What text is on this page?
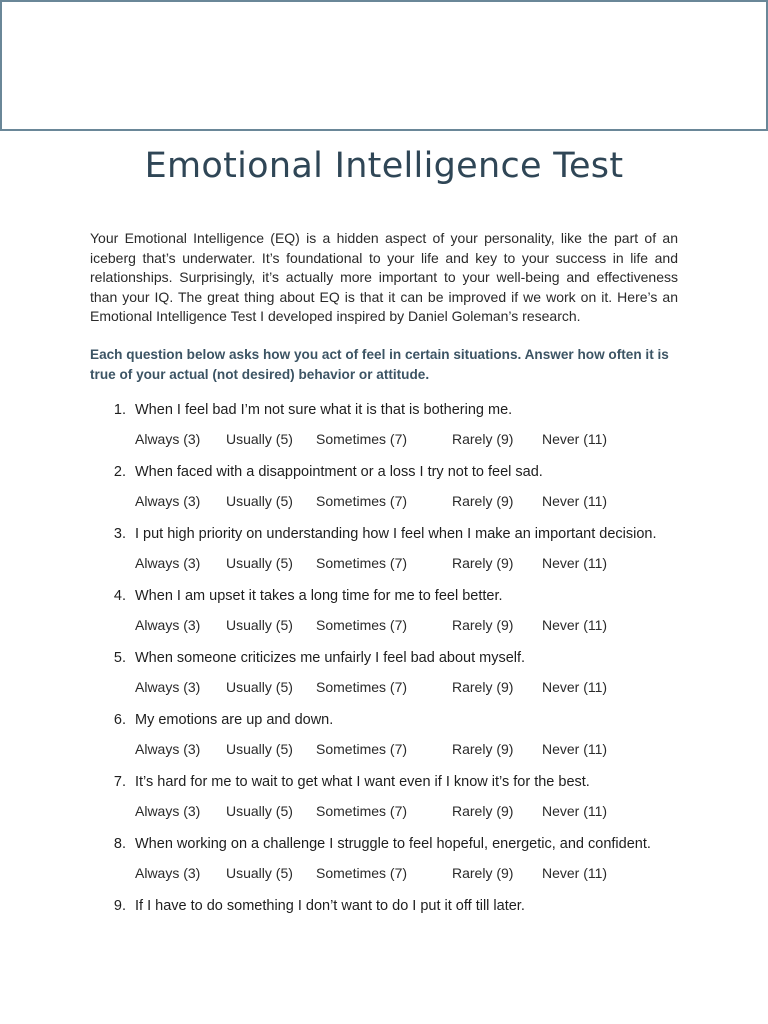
Emotional Intelligence Test

Your Emotional Intelligence (EQ) is a hidden aspect of your personality, like the part of an iceberg that’s underwater. It’s foundational to your life and key to your success in life and relationships. Surprisingly, it’s actually more important to your well-being and effectiveness than your IQ. The great thing about EQ is that it can be improved if we work on it. Here’s an Emotional Intelligence Test I developed inspired by Daniel Goleman’s research.

Each question below asks how you act of feel in certain situations. Answer how often it is true of your actual (not desired) behavior or attitude.

1. When I feel bad I’m not sure what it is that is bothering me.
Always (3) Usually (5) Sometimes (7)	Rarely (9) Never (11)
2. When faced with a disappointment or a loss I try not to feel sad.
Always (3) Usually (5) Sometimes (7)	Rarely (9) Never (11)
3. I put high priority on understanding how I feel when I make an important decision.
Always (3) Usually (5) Sometimes (7)	Rarely (9) Never (11)
4. When I am upset it takes a long time for me to feel better.
Always (3) Usually (5) Sometimes (7)	Rarely (9) Never (11)
5. When someone criticizes me unfairly I feel bad about myself.
Always (3) Usually (5) Sometimes (7)	Rarely (9) Never (11)
6. My emotions are up and down.
Always (3) Usually (5) Sometimes (7)	Rarely (9) Never (11)
7. It’s hard for me to wait to get what I want even if I know it’s for the best.
Always (3) Usually (5) Sometimes (7)	Rarely (9) Never (11)
8. When working on a challenge I struggle to feel hopeful, energetic, and confident.
Always (3) Usually (5) Sometimes (7)	Rarely (9) Never (11)
9. If I have to do something I don’t want to do I put it off till later.
